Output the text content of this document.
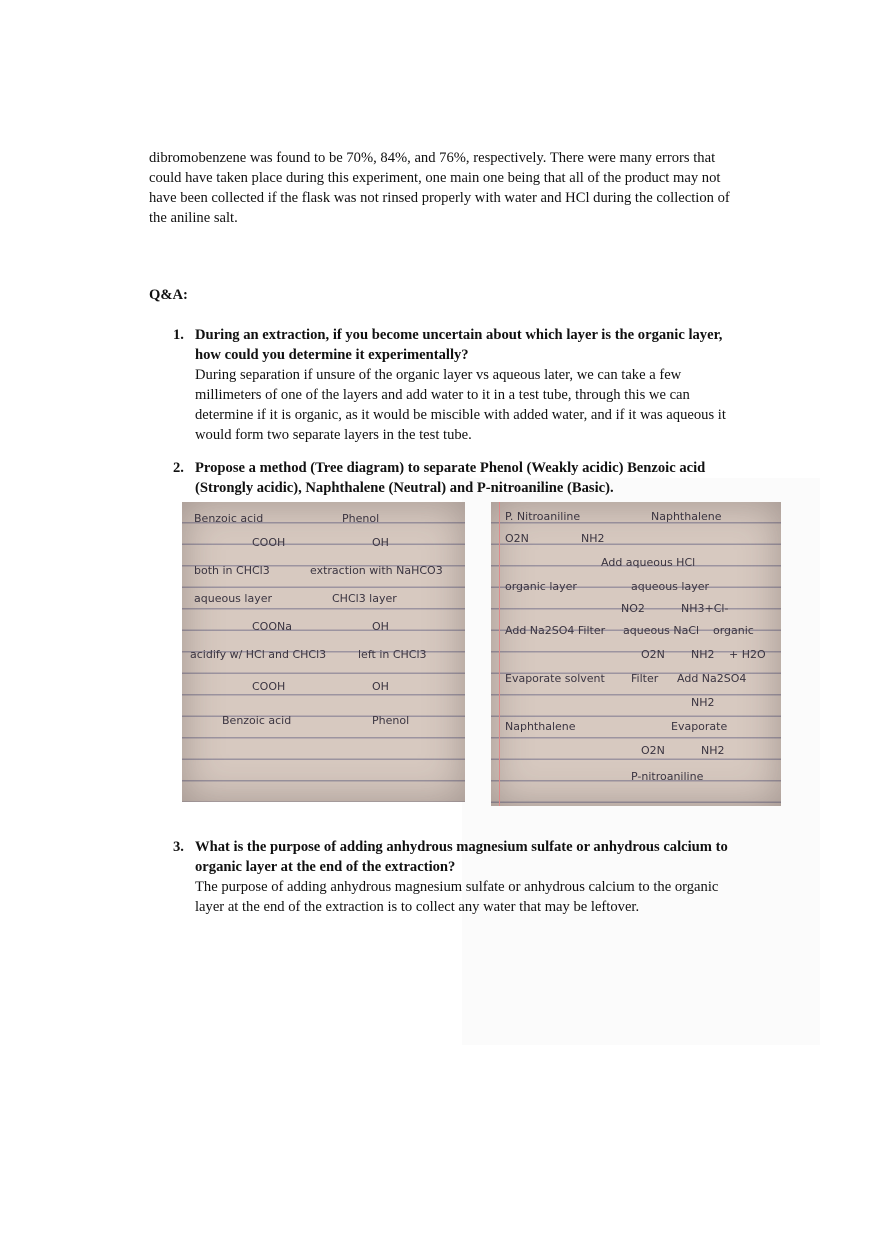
dibromobenzene was found to be 70%, 84%, and 76%, respectively. There were many errors that could have taken place during this experiment, one main one being that all of the product may not have been collected if the flask was not rinsed properly with water and HCl during the collection of the aniline salt.
Q&A:
1. During an extraction, if you become uncertain about which layer is the organic layer, how could you determine it experimentally?
During separation if unsure of the organic layer vs aqueous later, we can take a few millimeters of one of the layers and add water to it in a test tube, through this we can determine if it is organic, as it would be miscible with added water, and if it was aqueous it would form two separate layers in the test tube.
2. Propose a method (Tree diagram) to separate Phenol (Weakly acidic) Benzoic acid (Strongly acidic), Naphthalene (Neutral) and P-nitroaniline (Basic).
Benzoic acid	Phenol
COOH	OH
both in CHCl3	extraction with NaHCO3
aqueous layer	CHCl3 layer
COONa	OH
acidify w/ HCl and CHCl3	left in CHCl3
COOH	OH
Benzoic acid	Phenol
P. Nitroaniline	Naphthalene
NH2
O2N
Add aqueous HCl
organic layer	aqueous layer
NH3+Cl-
NO2
Add Na2SO4 Filter aqueous NaCl organic
NH2
O2N	+ H2O
Evaporate solvent Filter Add Na2SO4
NH2
Naphthalene	Evaporate
NH2
O2N
P-nitroaniline
3. What is the purpose of adding anhydrous magnesium sulfate or anhydrous calcium to organic layer at the end of the extraction?
The purpose of adding anhydrous magnesium sulfate or anhydrous calcium to the organic layer at the end of the extraction is to collect any water that may be leftover.
